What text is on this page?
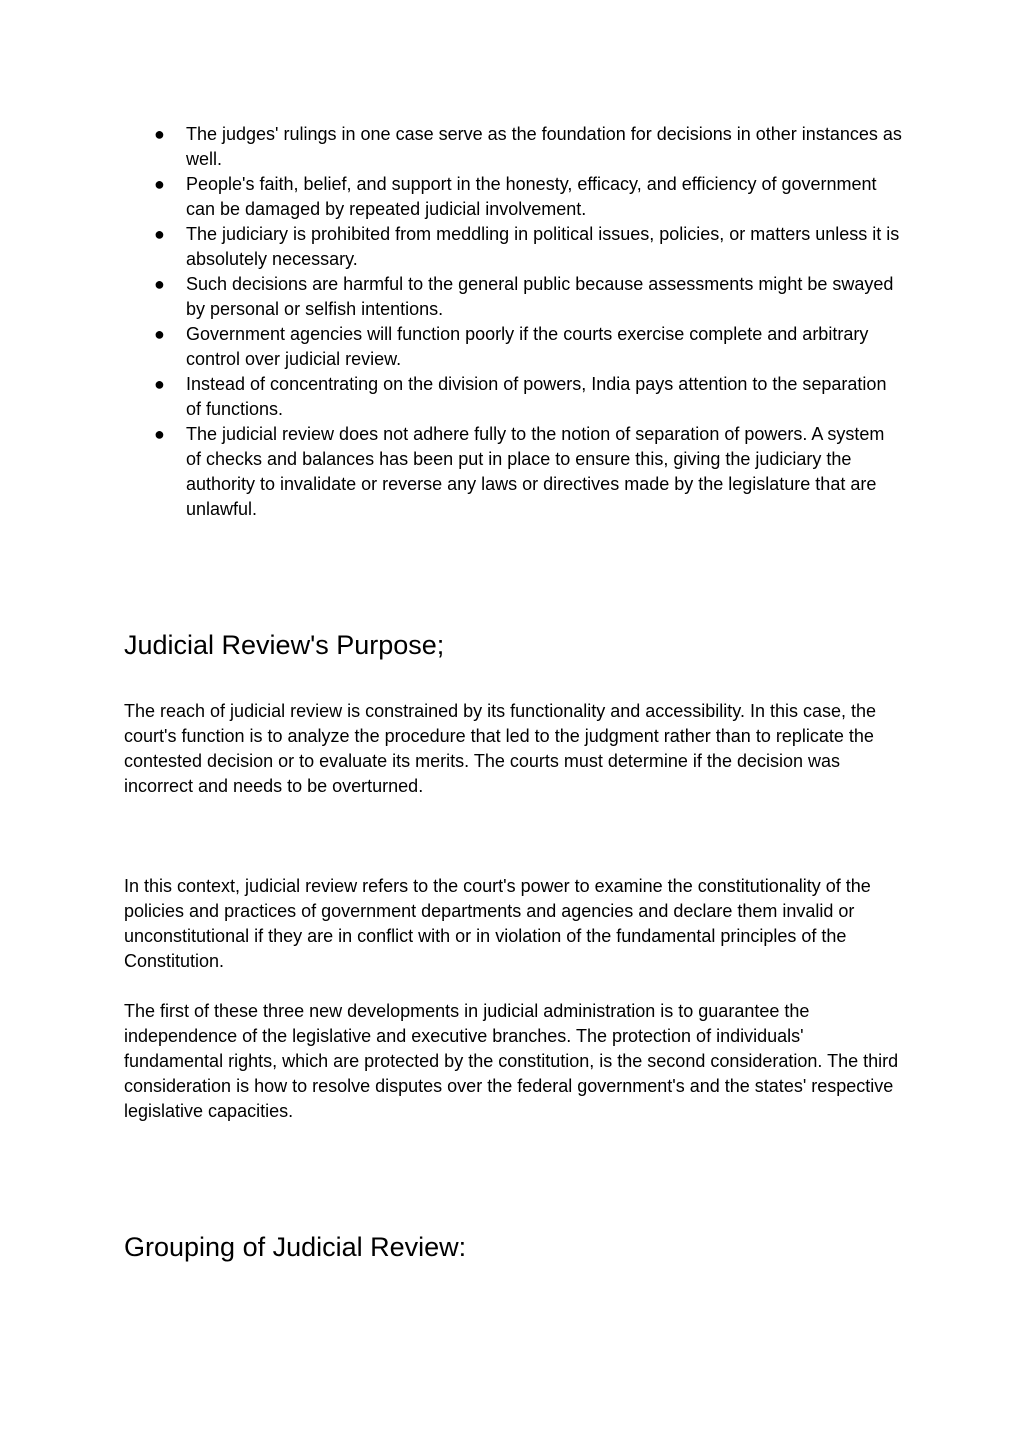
● The judges' rulings in one case serve as the foundation for decisions in other instances as well.
● People's faith, belief, and support in the honesty, efficacy, and efficiency of government can be damaged by repeated judicial involvement.
● The judiciary is prohibited from meddling in political issues, policies, or matters unless it is absolutely necessary.
● Such decisions are harmful to the general public because assessments might be swayed by personal or selfish intentions.
● Government agencies will function poorly if the courts exercise complete and arbitrary control over judicial review.
● Instead of concentrating on the division of powers, India pays attention to the separation of functions.
● The judicial review does not adhere fully to the notion of separation of powers. A system of checks and balances has been put in place to ensure this, giving the judiciary the authority to invalidate or reverse any laws or directives made by the legislature that are unlawful.
Judicial Review's Purpose;

The reach of judicial review is constrained by its functionality and accessibility. In this case, the court's function is to analyze the procedure that led to the judgment rather than to replicate the contested decision or to evaluate its merits. The courts must determine if the decision was incorrect and needs to be overturned.

In this context, judicial review refers to the court's power to examine the constitutionality of the policies and practices of government departments and agencies and declare them invalid or unconstitutional if they are in conflict with or in violation of the fundamental principles of the Constitution.

The first of these three new developments in judicial administration is to guarantee the independence of the legislative and executive branches. The protection of individuals' fundamental rights, which are protected by the constitution, is the second consideration. The third consideration is how to resolve disputes over the federal government's and the states' respective legislative capacities.

Grouping of Judicial Review:
